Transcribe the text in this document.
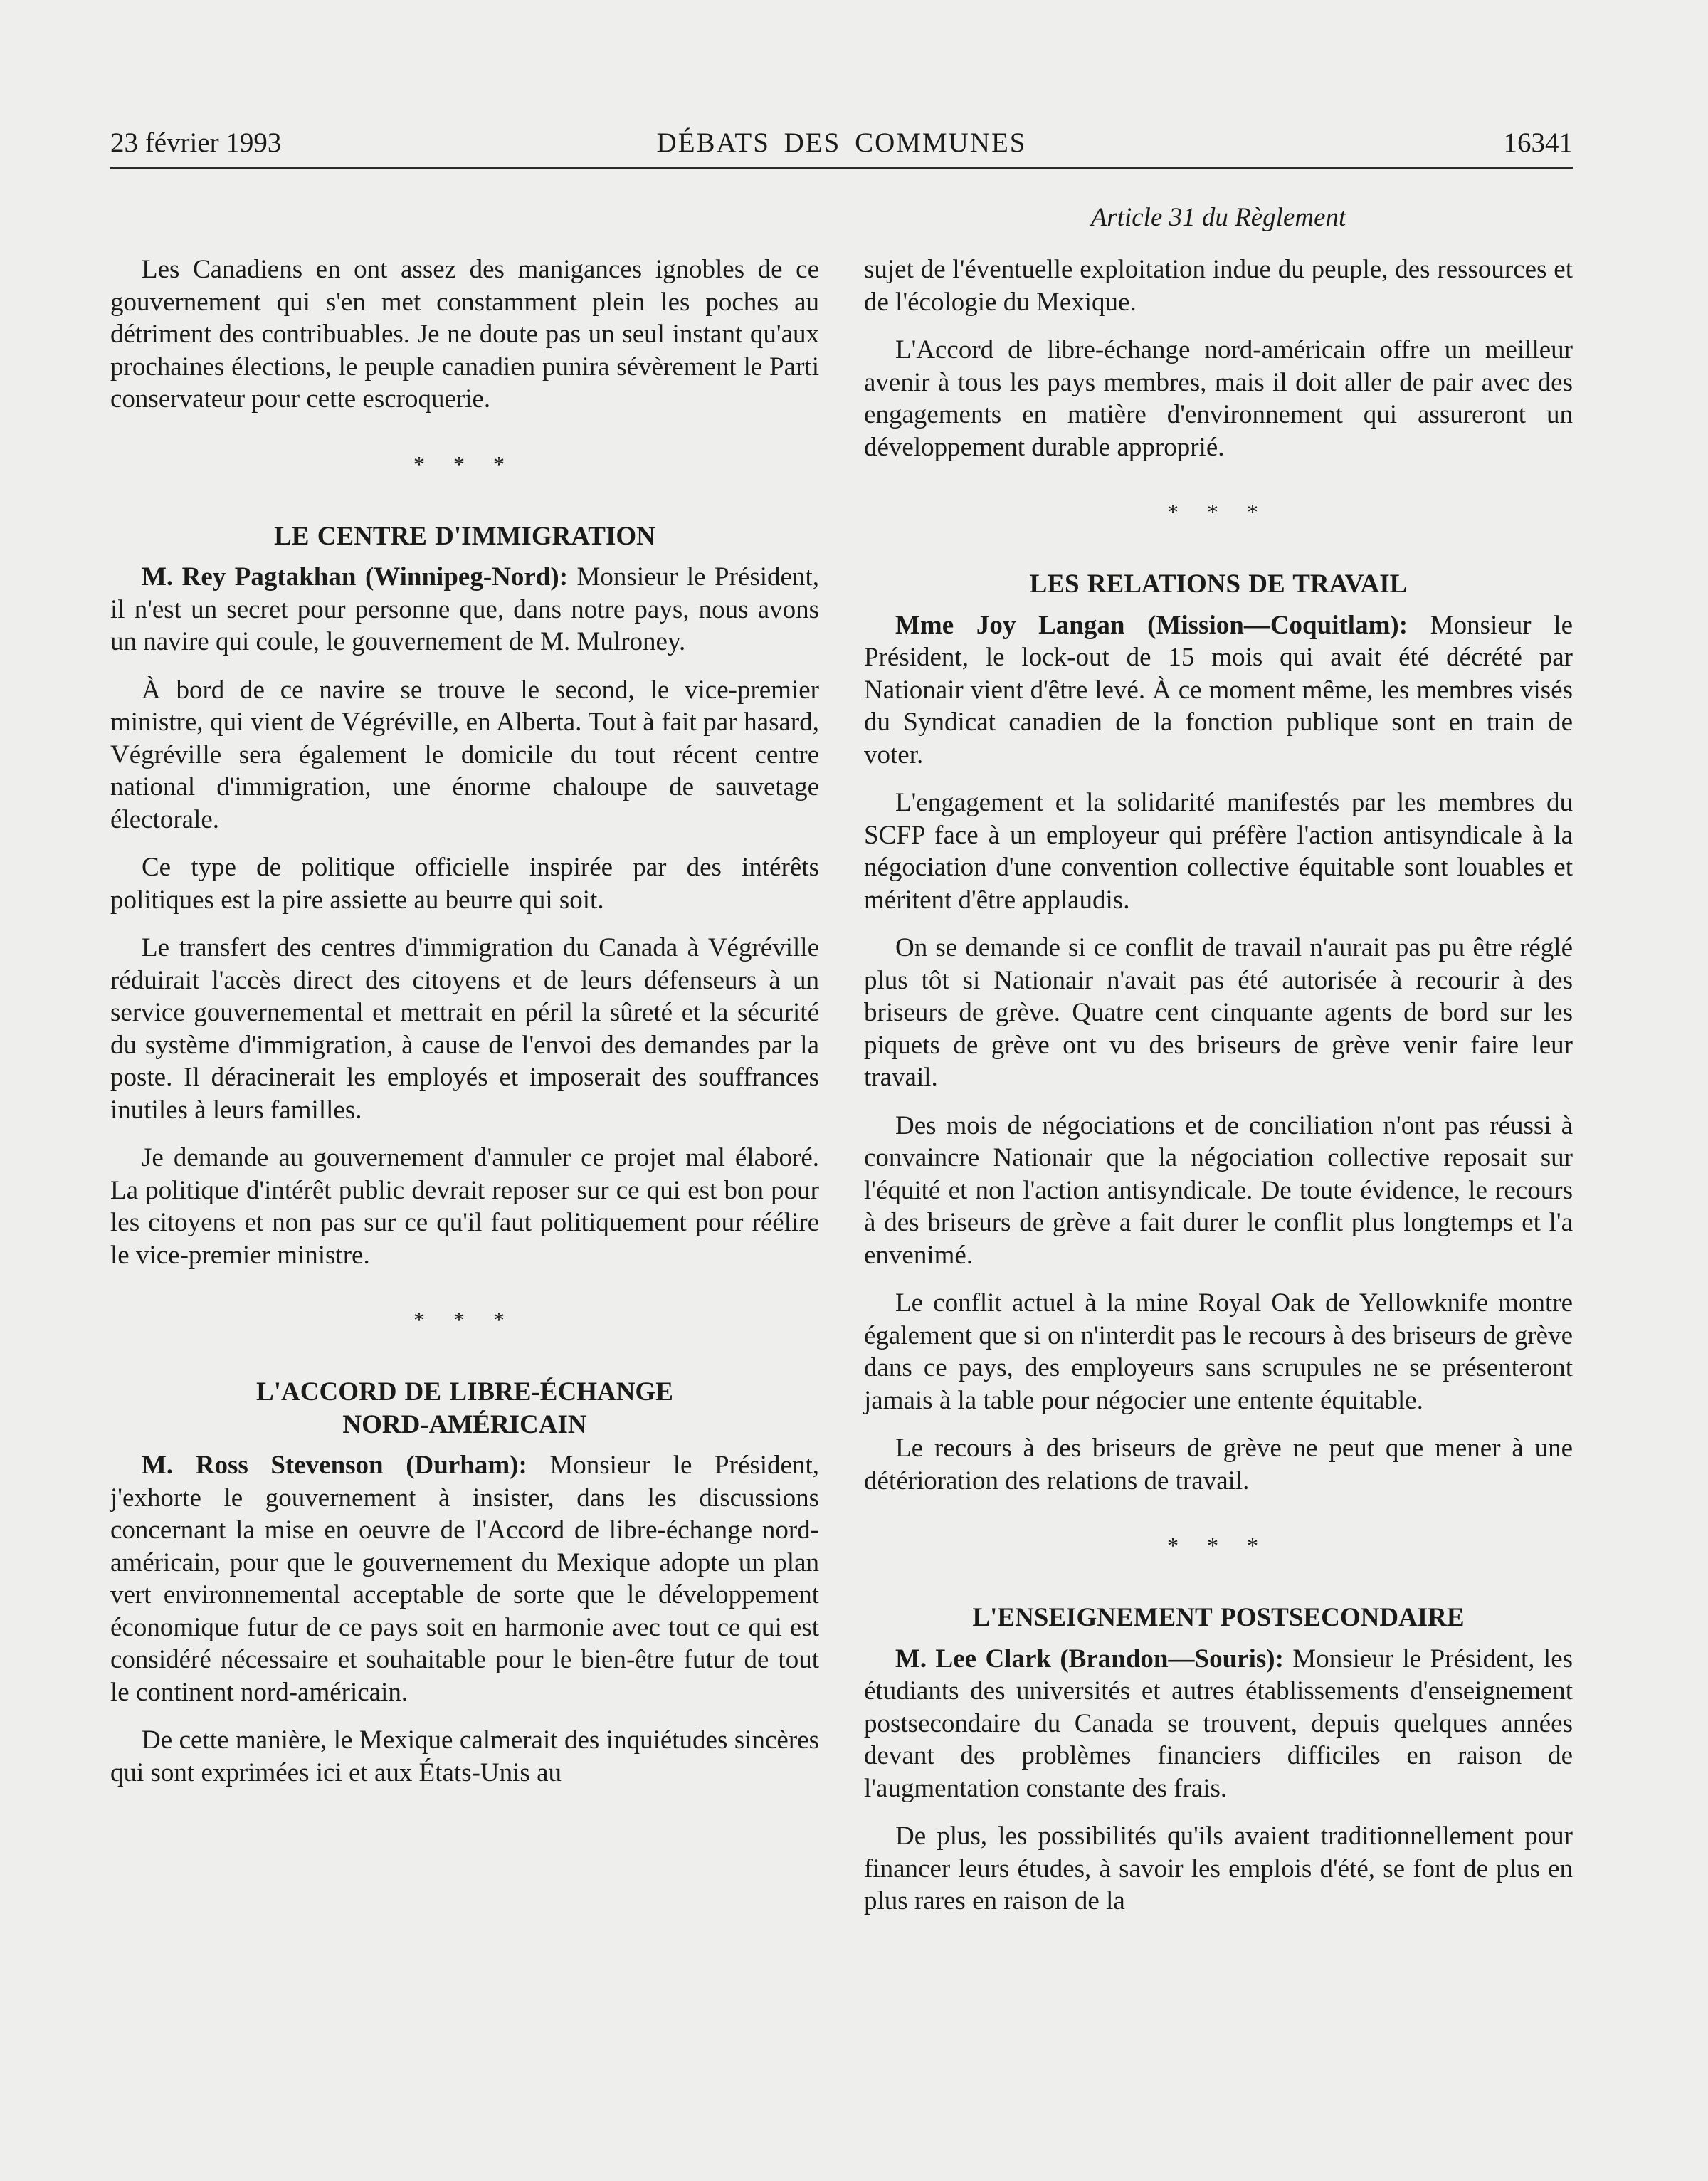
23 février 1993	DÉBATS DES COMMUNES	16341
Article 31 du Règlement

Les Canadiens en ont assez des manigances ignobles de ce gouvernement qui s'en met constamment plein les poches au détriment des contribuables. Je ne doute pas un seul instant qu'aux prochaines élections, le peuple canadien punira sévèrement le Parti conservateur pour cette escroquerie.

* * *
LE CENTRE D'IMMIGRATION

M. Rey Pagtakhan (Winnipeg-Nord): Monsieur le Président, il n'est un secret pour personne que, dans notre pays, nous avons un navire qui coule, le gouvernement de M. Mulroney.

À bord de ce navire se trouve le second, le vice-premier ministre, qui vient de Végréville, en Alberta. Tout à fait par hasard, Végréville sera également le domicile du tout récent centre national d'immigration, une énorme chaloupe de sauvetage électorale.

Ce type de politique officielle inspirée par des intérêts politiques est la pire assiette au beurre qui soit.

Le transfert des centres d'immigration du Canada à Végréville réduirait l'accès direct des citoyens et de leurs défenseurs à un service gouvernemental et mettrait en péril la sûreté et la sécurité du système d'immigration, à cause de l'envoi des demandes par la poste. Il déracinerait les employés et imposerait des souffrances inutiles à leurs familles.

Je demande au gouvernement d'annuler ce projet mal élaboré. La politique d'intérêt public devrait reposer sur ce qui est bon pour les citoyens et non pas sur ce qu'il faut politiquement pour réélire le vice-premier ministre.

* * *
L'ACCORD DE LIBRE-ÉCHANGE
NORD-AMÉRICAIN

M. Ross Stevenson (Durham): Monsieur le Président, j'exhorte le gouvernement à insister, dans les discussions concernant la mise en oeuvre de l'Accord de libre-échange nord-américain, pour que le gouvernement du Mexique adopte un plan vert environnemental acceptable de sorte que le développement économique futur de ce pays soit en harmonie avec tout ce qui est considéré nécessaire et souhaitable pour le bien-être futur de tout le continent nord-américain.

De cette manière, le Mexique calmerait des inquiétudes sincères qui sont exprimées ici et aux États-Unis au

sujet de l'éventuelle exploitation indue du peuple, des ressources et de l'écologie du Mexique.

L'Accord de libre-échange nord-américain offre un meilleur avenir à tous les pays membres, mais il doit aller de pair avec des engagements en matière d'environnement qui assureront un développement durable approprié.

* * *
LES RELATIONS DE TRAVAIL

Mme Joy Langan (Mission—Coquitlam): Monsieur le Président, le lock-out de 15 mois qui avait été décrété par Nationair vient d'être levé. À ce moment même, les membres visés du Syndicat canadien de la fonction publique sont en train de voter.

L'engagement et la solidarité manifestés par les membres du SCFP face à un employeur qui préfère l'action antisyndicale à la négociation d'une convention collective équitable sont louables et méritent d'être applaudis.

On se demande si ce conflit de travail n'aurait pas pu être réglé plus tôt si Nationair n'avait pas été autorisée à recourir à des briseurs de grève. Quatre cent cinquante agents de bord sur les piquets de grève ont vu des briseurs de grève venir faire leur travail.

Des mois de négociations et de conciliation n'ont pas réussi à convaincre Nationair que la négociation collective reposait sur l'équité et non l'action antisyndicale. De toute évidence, le recours à des briseurs de grève a fait durer le conflit plus longtemps et l'a envenimé.

Le conflit actuel à la mine Royal Oak de Yellowknife montre également que si on n'interdit pas le recours à des briseurs de grève dans ce pays, des employeurs sans scrupules ne se présenteront jamais à la table pour négocier une entente équitable.

Le recours à des briseurs de grève ne peut que mener à une détérioration des relations de travail.

* * *
L'ENSEIGNEMENT POSTSECONDAIRE

M. Lee Clark (Brandon—Souris): Monsieur le Président, les étudiants des universités et autres établissements d'enseignement postsecondaire du Canada se trouvent, depuis quelques années devant des problèmes financiers difficiles en raison de l'augmentation constante des frais.

De plus, les possibilités qu'ils avaient traditionnellement pour financer leurs études, à savoir les emplois d'été, se font de plus en plus rares en raison de la
